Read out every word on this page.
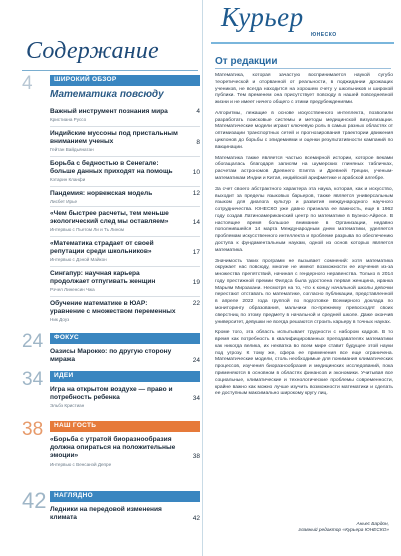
Содержание
4	ШИРОКИЙ ОБЗОР
Математика повсюду
Важный инструмент познания мира
Кристиана Руссо
4
Индийские муссоны под пристальным вниманием ученых
Гейтан Вайдьянатан
8
Борьба с бедностью в Сенегале: больше данных приходят на помощь
Кэтарин Кланфи
10
Пандемия: норвежская модель
Лисбет Ирье
12
«Чем быстрее расчеты, тем меньше экологический след мы оставляем»
Интервью с Пьетом Ли и Ть Лином
14
«Математика страдает от своей репутации среди школьников»
Интервью с Дэной Майкон
17
Сингапур: научная карьера продолжает отпугивать женщин
Рэчел Линенсин Чжа
19
Обучение математике в ЮАР: уравнение с множеством переменных
Ник Доуз
22
24	ФОКУС
Оазисы Марокко: по другую сторону миража	24
34	ИДЕИ
Игра на открытом воздухе — право и потребность ребенка
Эльбэ Кристиан
34
38	НАШ ГОСТЬ
«Борьба с утратой биоразнообразия должна опираться на положительные эмоции»
Интервью с Венсанэй Депре
38
42	НАГЛЯДНО
Ледники на передовой изменения климата	42
Курьер
ЮНЕСКО
От редакции

Математика, которая зачастую воспринимается наукой сугубо теоретической и оторванной от реальности, в поджидании дрожащих учеников, не всегда находится на хорошем счету у школьников и широкой публики. Тем временем она присутствует повсюду в нашей повседневной жизни и не имеет ничего общего с этими предубеждениями.

Алгоритмы, лежащие в основе искусственного интеллекта, позволили разработать поисковые системы и методы медицинской визуализации. Математические модели играют ключевую роль в самых разных областях от оптимизации транспортных сетей и прогнозирования траектории движения циклонов до борьбы с эпидемиями и оценки результативности кампаний по вакцинации.

Математика также является частью всемирной истории, которое веками обогащалась благодаря записям на шумерских глиняных табличках, расчетам астрономов Древнего Египта и Древней Греции, ученым-математикам Индии и Китая, индийской арифметике и арабской алгебре.

За счет своего абстрактного характера эта наука, которая, как и искусство, выходит за пределы языковых барьеров, также является универсальным языком для диалога культур и развития международного научного сотрудничества. ЮНЕСКО уже давно признала ее важность, еще в 1962 году создав Латиноамериканский центр по математике в Буэнос-Айресе. В настоящее время большое внимание в Организации, недавно пополнившейся 14 марта Международным днем математики, уделяется проблемам искусственного интеллекта и проблеме разрыва по обеспечению доступа к фундаментальным наукам, одной из основ которых является математика.

Значимость таких программ не вызывает сомнений: хотя математика окружает нас повсюду, многие не имеют возможности ее изучения из-за множества препятствий, начиная с гендерного неравенства. Только в 2014 году престижной премии Филдса была удостоена первая женщина, иранка Марьям Мирзахани. Несмотря на то, что к концу начальной школы девочки перестают отставать по математике, согласно публикации, представленной в апреле 2022 года группой по подготовке Всемирного доклада по мониторингу образования, мальчики по-прежнему превосходят своих сверстниц по этому предмету в начальной и средней школе. Даже окончив университет, девушки не всегда решаются строить карьеру в точных науках.

Кроме того, эта область испытывает трудности с набором кадров. В то время как потребность в квалифицированных преподавателях математики как никогда велика, их нехватка во всем мире ставит будущее этой науки под угрозу. К тому же, сфера ее применения все еще ограничена. Математические модели, столь необходимые для понимания климатических процессов, изучения биоразнообразия и медицинских исследований, пока применяются в основном в областях финансов и экономики. Учитывая все социальные, климатические и технологические проблемы современности, крайне важно как можно лучше изучить возможности математики и сделать ее доступным максимально широкому кругу лиц.

Аньес Бардон,
главный редактор «Курьера ЮНЕСКО»
